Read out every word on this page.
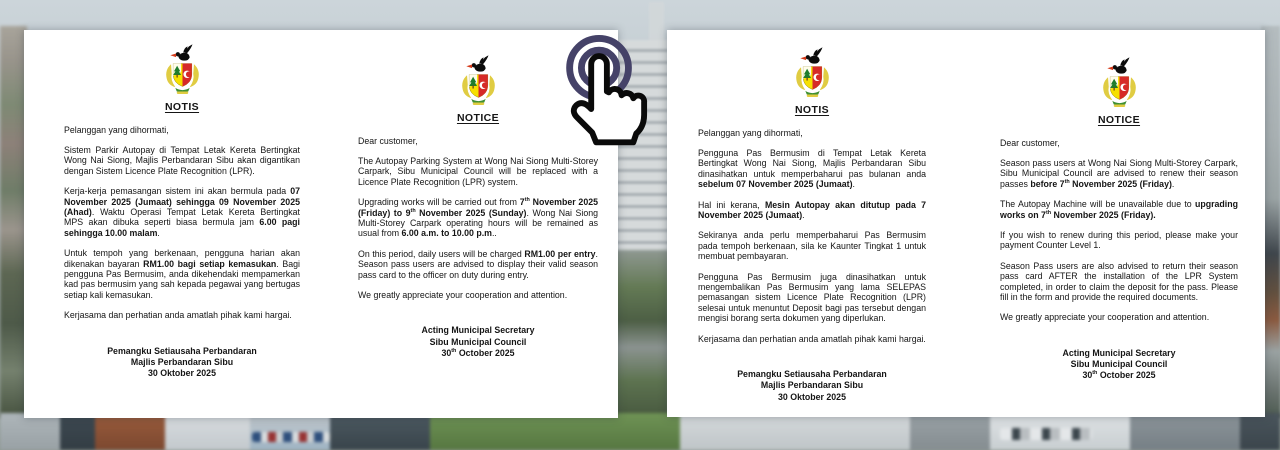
NOTIS
Pelanggan yang dihormati,

Sistem Parkir Autopay di Tempat Letak Kereta Bertingkat Wong Nai Siong, Majlis Perbandaran Sibu akan digantikan dengan Sistem Licence Plate Recognition (LPR).

Kerja-kerja pemasangan sistem ini akan bermula pada 07 November 2025 (Jumaat) sehingga 09 November 2025 (Ahad). Waktu Operasi Tempat Letak Kereta Bertingkat MPS akan dibuka seperti biasa bermula jam 6.00 pagi sehingga 10.00 malam.

Untuk tempoh yang berkenaan, pengguna harian akan dikenakan bayaran RM1.00 bagi setiap kemasukan. Bagi pengguna Pas Bermusim, anda dikehendaki mempamerkan kad pas bermusim yang sah kepada pegawai yang bertugas setiap kali kemasukan.

Kerjasama dan perhatian anda amatlah pihak kami hargai.

Pemangku Setiausaha Perbandaran

Majlis Perbandaran Sibu

30 Oktober 2025

NOTICE
Dear customer,

The Autopay Parking System at Wong Nai Siong Multi-Storey Carpark, Sibu Municipal Council will be replaced with a Licence Plate Recognition (LPR) system.

Upgrading works will be carried out from 7th November 2025 (Friday) to 9th November 2025 (Sunday). Wong Nai Siong Multi-Storey Carpark operating hours will be remained as usual from 6.00 a.m. to 10.00 p.m..

On this period, daily users will be charged RM1.00 per entry. Season pass users are advised to display their valid season pass card to the officer on duty during entry.

We greatly appreciate your cooperation and attention.

Acting Municipal Secretary

Sibu Municipal Council

30th October 2025

NOTIS
Pelanggan yang dihormati,

Pengguna Pas Bermusim di Tempat Letak Kereta Bertingkat Wong Nai Siong, Majlis Perbandaran Sibu dinasihatkan untuk memperbaharui pas bulanan anda sebelum 07 November 2025 (Jumaat).

Hal ini kerana, Mesin Autopay akan ditutup pada 7 November 2025 (Jumaat).

Sekiranya anda perlu memperbaharui Pas Bermusim pada tempoh berkenaan, sila ke Kaunter Tingkat 1 untuk membuat pembayaran.

Pengguna Pas Bermusim juga dinasihatkan untuk mengembalikan Pas Bermusim yang lama SELEPAS pemasangan sistem Licence Plate Recognition (LPR) selesai untuk menuntut Deposit bagi pas tersebut dengan mengisi borang serta dokumen yang diperlukan.

Kerjasama dan perhatian anda amatlah pihak kami hargai.

Pemangku Setiausaha Perbandaran

Majlis Perbandaran Sibu

30 Oktober 2025

NOTICE
Dear customer,

Season pass users at Wong Nai Siong Multi-Storey Carpark, Sibu Municipal Council are advised to renew their season passes before 7th November 2025 (Friday).

The Autopay Machine will be unavailable due to upgrading works on 7th November 2025 (Friday).

If you wish to renew during this period, please make your payment Counter Level 1.

Season Pass users are also advised to return their season pass card AFTER the installation of the LPR System completed, in order to claim the deposit for the pass. Please fill in the form and provide the required documents.

We greatly appreciate your cooperation and attention.

Acting Municipal Secretary

Sibu Municipal Council

30th October 2025
